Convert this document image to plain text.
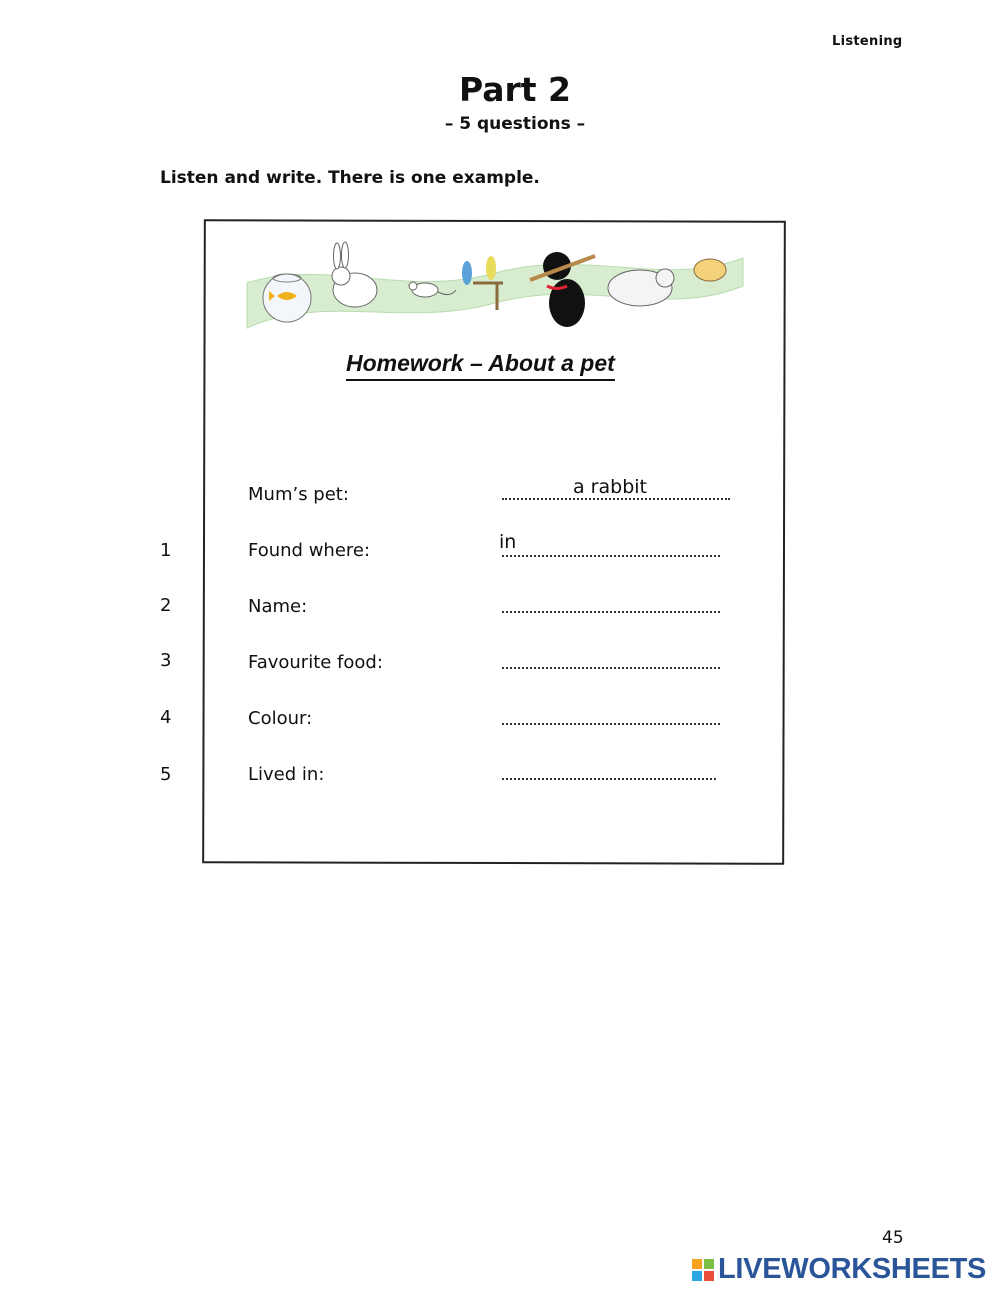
Listening
Part 2
– 5 questions –
Listen and write. There is one example.
Homework – About a pet
Mum’s pet:	a rabbit
1	Found where:	in
2	Name:
3	Favourite food:
4	Colour:
5	Lived in:
45
LIVEWORKSHEETS
